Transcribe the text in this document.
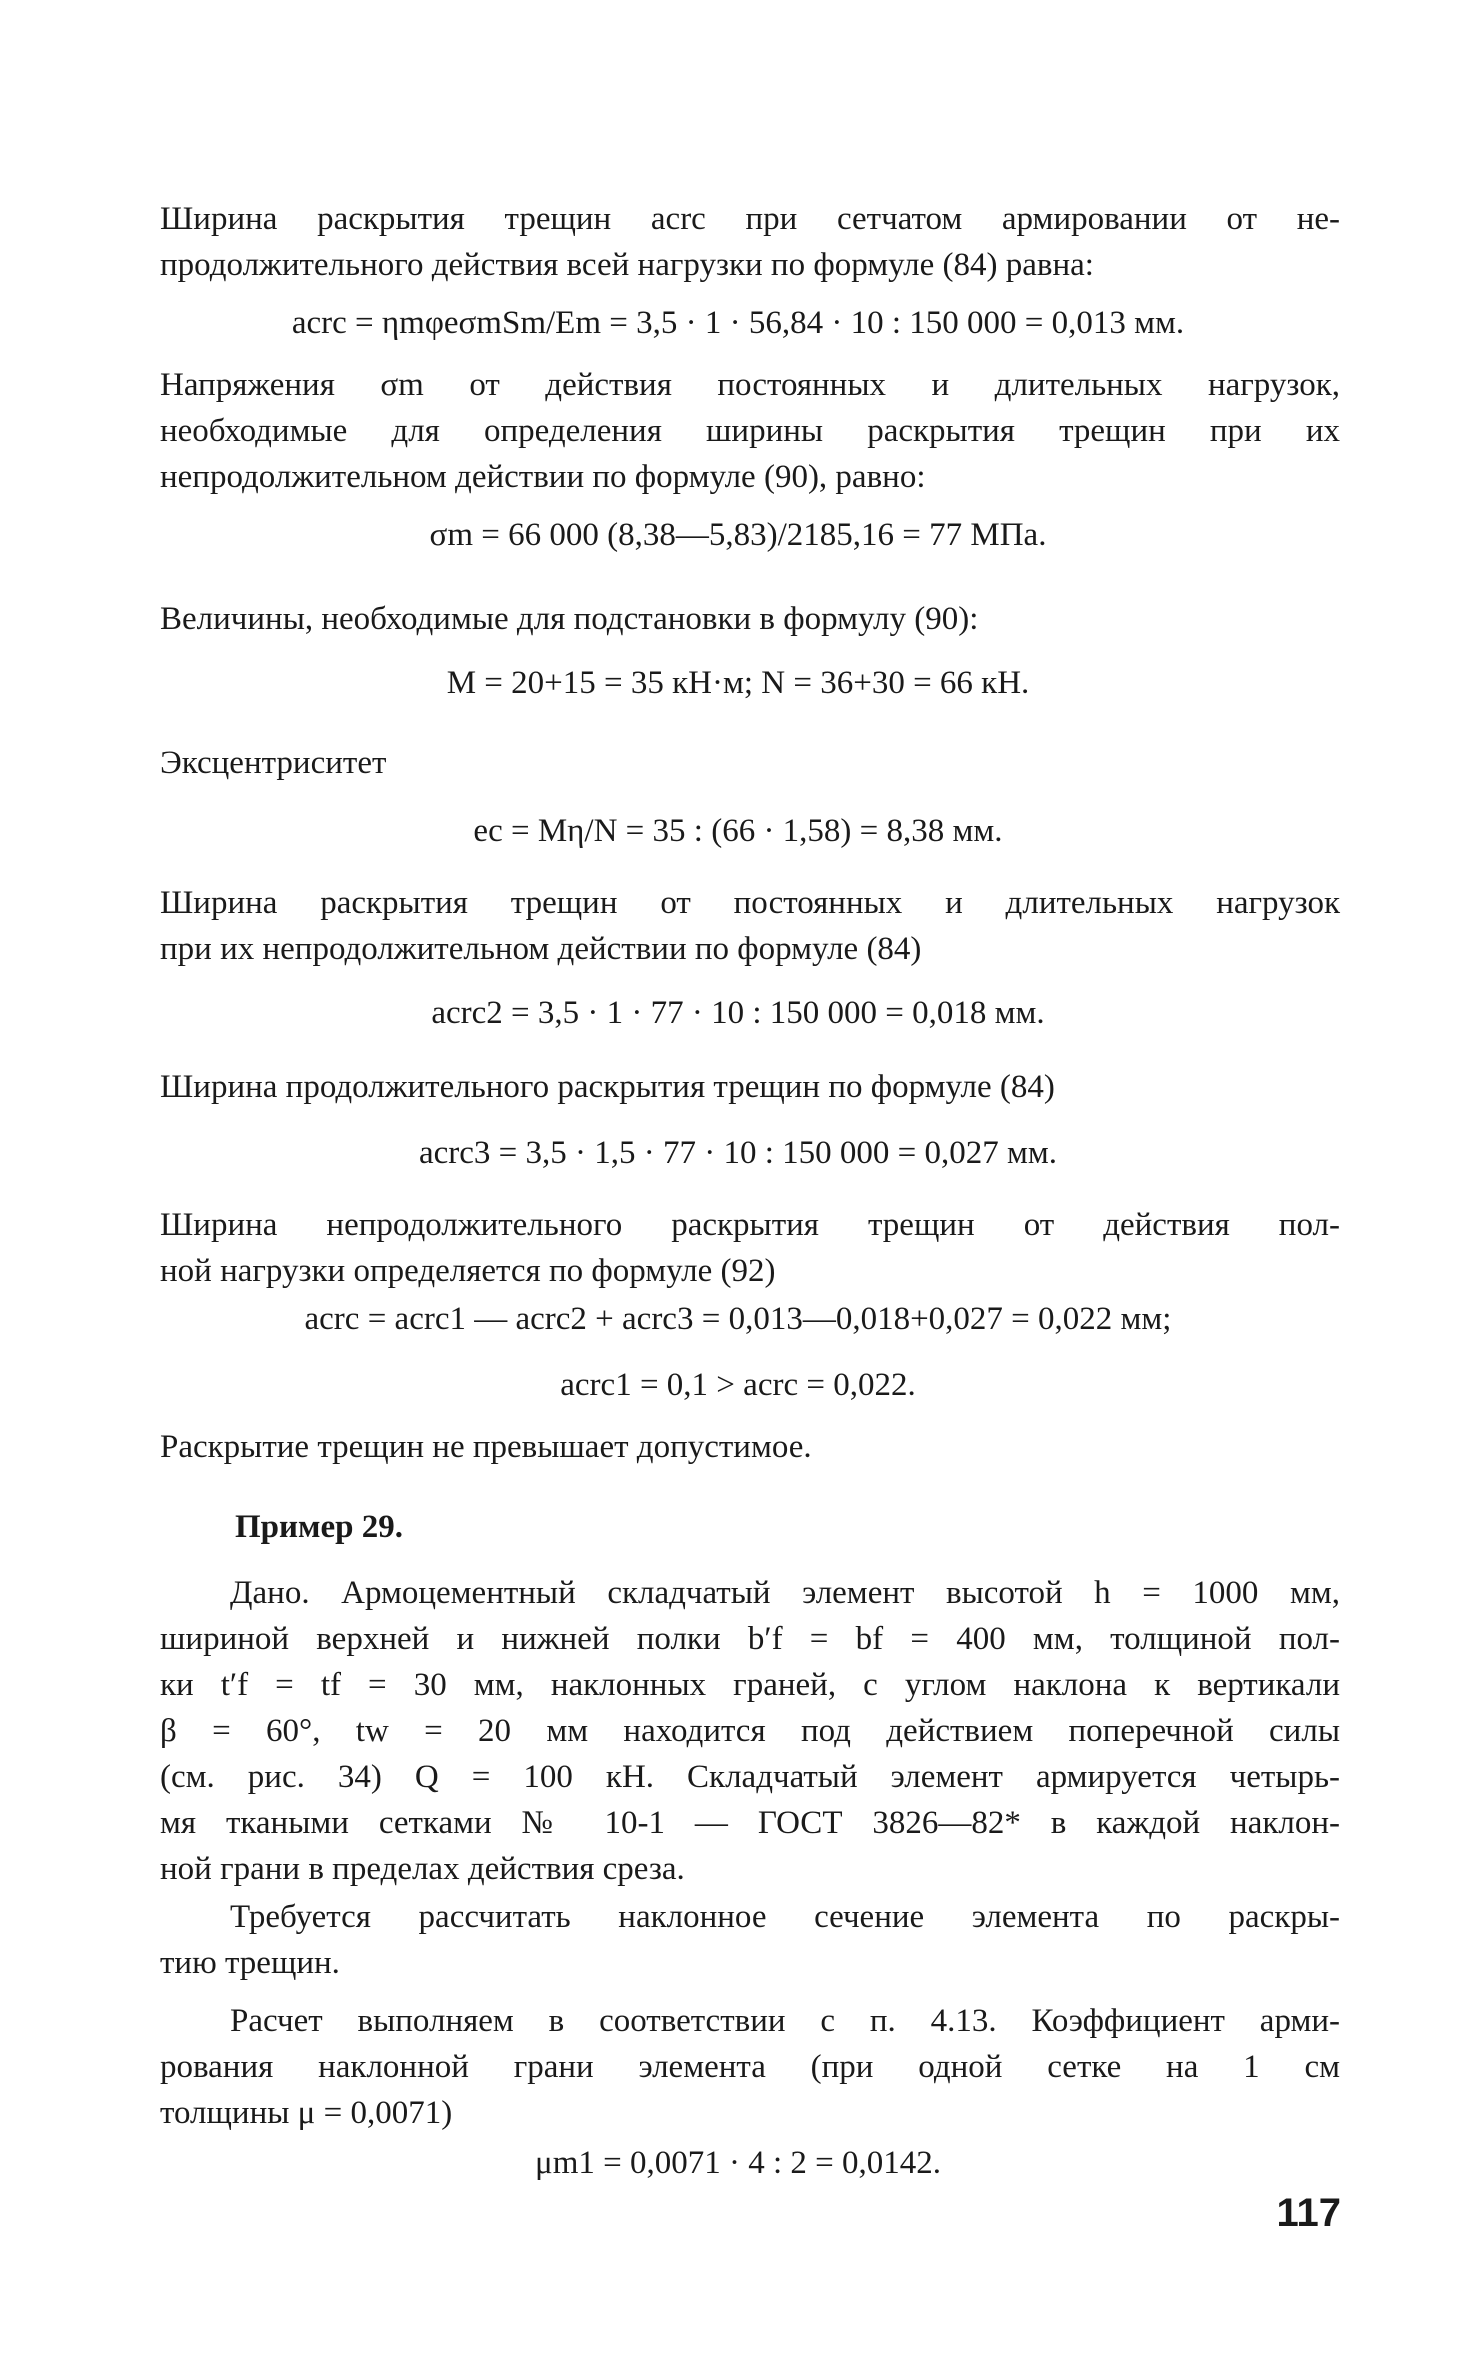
Ширина раскрытия трещин aсrc при сетчатом армировании от не-
продолжительного действия всей нагрузки по формуле (84) равна:
aсrc = ηmφeσmSm/Em = 3,5 · 1 · 56,84 · 10 : 150 000 = 0,013 мм.
Напряжения σm от действия постоянных и длительных нагрузок,
необходимые для определения ширины раскрытия трещин при их
непродолжительном действии по формуле (90), равно:
σm = 66 000 (8,38—5,83)/2185,16 = 77 МПа.
Величины, необходимые для подстановки в формулу (90):
M = 20+15 = 35 кН·м; N = 36+30 = 66 кН.
Эксцентриситет
ec = Mη/N = 35 : (66 · 1,58) = 8,38 мм.
Ширина раскрытия трещин от постоянных и длительных нагрузок
при их непродолжительном действии по формуле (84)
acrc2 = 3,5 · 1 · 77 · 10 : 150 000 = 0,018 мм.
Ширина продолжительного раскрытия трещин по формуле (84)
acrc3 = 3,5 · 1,5 · 77 · 10 : 150 000 = 0,027 мм.
Ширина непродолжительного раскрытия трещин от действия пол-
ной нагрузки определяется по формуле (92)
acrc = acrc1 — acrc2 + acrc3 = 0,013—0,018+0,027 = 0,022 мм;
acrc1 = 0,1 > acrc = 0,022.
Раскрытие трещин не превышает допустимое.
Пример 29.
Дано. Армоцементный складчатый элемент высотой h = 1000 мм,
шириной верхней и нижней полки b′f = bf = 400 мм, толщиной пол-
ки t′f = tf = 30 мм, наклонных граней, с углом наклона к вертикали
β = 60°, tw = 20 мм находится под действием поперечной силы
(см. рис. 34) Q = 100 кН. Складчатый элемент армируется четырь-
мя ткаными сетками № 10-1 — ГОСТ 3826—82* в каждой наклон-
ной грани в пределах действия среза.
Требуется рассчитать наклонное сечение элемента по раскры-
тию трещин.
Расчет выполняем в соответствии с п. 4.13. Коэффициент арми-
рования наклонной грани элемента (при одной сетке на 1 см
толщины μ = 0,0071)
μm1 = 0,0071 · 4 : 2 = 0,0142.
117
